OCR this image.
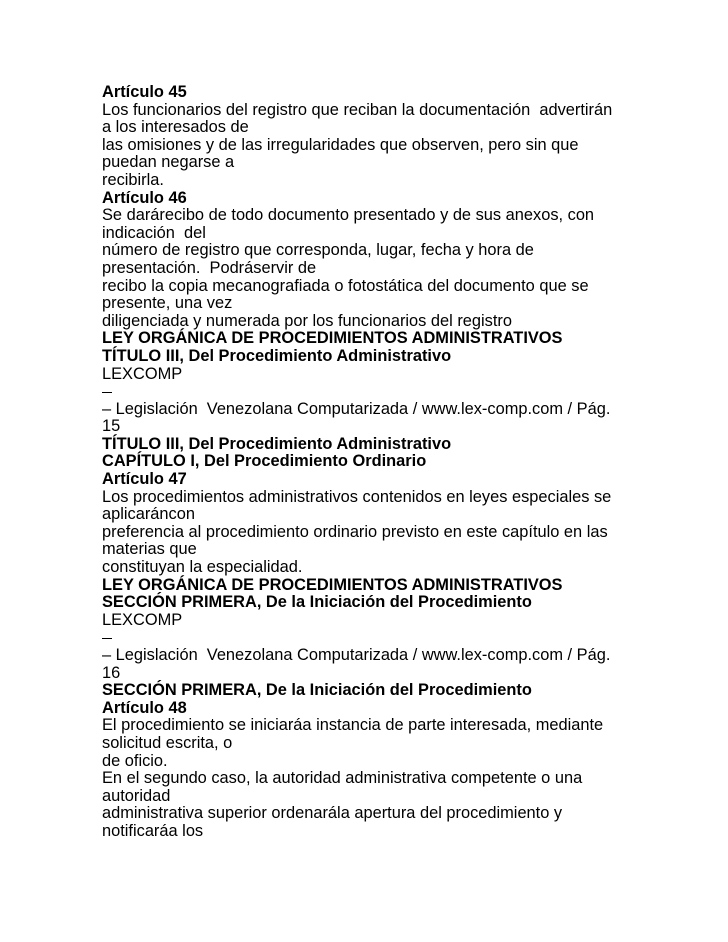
Artículo 45
Los funcionarios del registro que reciban la documentación  advertirán
a los interesados de
las omisiones y de las irregularidades que observen, pero sin que
puedan negarse a
recibirla.
Artículo 46
Se darárecibo de todo documento presentado y de sus anexos, con
indicación  del
número de registro que corresponda, lugar, fecha y hora de
presentación.  Podráservir de
recibo la copia mecanografiada o fotostática del documento que se
presente, una vez
diligenciada y numerada por los funcionarios del registro
LEY ORGÁNICA DE PROCEDIMIENTOS ADMINISTRATIVOS
TÍTULO III, Del Procedimiento Administrativo
LEXCOMP
– Legislación  Venezolana Computarizada / www.lex-comp.com / Pág.
15
TÍTULO III, Del Procedimiento Administrativo
CAPÍTULO I, Del Procedimiento Ordinario
Artículo 47
Los procedimientos administrativos contenidos en leyes especiales se
aplicaráncon
preferencia al procedimiento ordinario previsto en este capítulo en las
materias que
constituyan la especialidad.
LEY ORGÁNICA DE PROCEDIMIENTOS ADMINISTRATIVOS
SECCIÓN PRIMERA, De la Iniciación del Procedimiento
LEXCOMP
– Legislación  Venezolana Computarizada / www.lex-comp.com / Pág.
16
SECCIÓN PRIMERA, De la Iniciación del Procedimiento
Artículo 48
El procedimiento se iniciaráa instancia de parte interesada, mediante
solicitud escrita, o
de oficio.
En el segundo caso, la autoridad administrativa competente o una
autoridad
administrativa superior ordenarála apertura del procedimiento y
notificaráa los
